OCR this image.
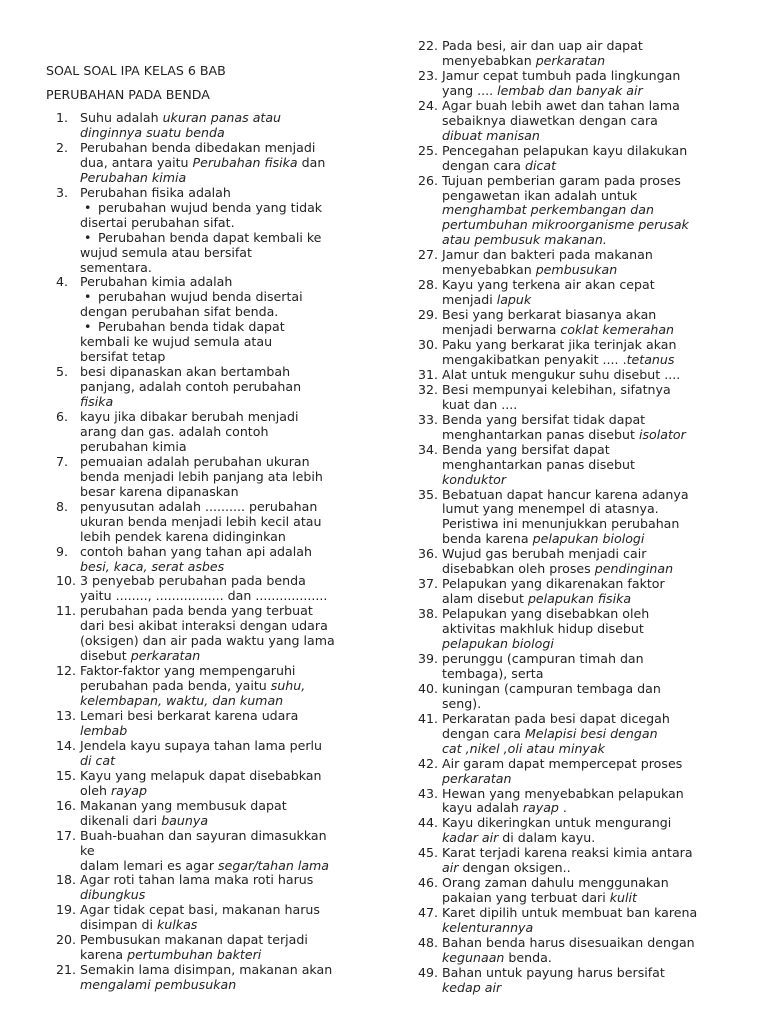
SOAL SOAL IPA KELAS 6 BAB
PERUBAHAN PADA BENDA
1. Suhu adalah ukuran panas atau
dinginnya suatu benda
2. Perubahan benda dibedakan menjadi
dua, antara yaitu Perubahan fisika dan
Perubahan kimia
3. Perubahan fisika adalah
• perubahan wujud benda yang tidak
disertai perubahan sifat.
• Perubahan benda dapat kembali ke
wujud semula atau bersifat
sementara.
4. Perubahan kimia adalah
• perubahan wujud benda disertai
dengan perubahan sifat benda.
• Perubahan benda tidak dapat
kembali ke wujud semula atau
bersifat tetap
5. besi dipanaskan akan bertambah
panjang, adalah contoh perubahan
fisika
6. kayu jika dibakar berubah menjadi
arang dan gas. adalah contoh
perubahan kimia
7. pemuaian adalah perubahan ukuran
benda menjadi lebih panjang ata lebih
besar karena dipanaskan
8. penyusutan adalah .......... perubahan
ukuran benda menjadi lebih kecil atau
lebih pendek karena didinginkan
9. contoh bahan yang tahan api adalah
besi, kaca, serat asbes
10. 3 penyebab perubahan pada benda
yaitu ........, ................. dan ..................
11. perubahan pada benda yang terbuat
dari besi akibat interaksi dengan udara
(oksigen) dan air pada waktu yang lama
disebut perkaratan
12. Faktor-faktor yang mempengaruhi
perubahan pada benda, yaitu suhu,
kelembapan, waktu, dan kuman
13. Lemari besi berkarat karena udara
lembab
14. Jendela kayu supaya tahan lama perlu
di cat
15. Kayu yang melapuk dapat disebabkan
oleh rayap
16. Makanan yang membusuk dapat
dikenali dari baunya
17. Buah-buahan dan sayuran dimasukkan
ke
dalam lemari es agar segar/tahan lama
18. Agar roti tahan lama maka roti harus
dibungkus
19. Agar tidak cepat basi, makanan harus
disimpan di kulkas
20. Pembusukan makanan dapat terjadi
karena pertumbuhan bakteri
21. Semakin lama disimpan, makanan akan
mengalami pembusukan
22. Pada besi, air dan uap air dapat
menyebabkan perkaratan
23. Jamur cepat tumbuh pada lingkungan
yang .... lembab dan banyak air
24. Agar buah lebih awet dan tahan lama
sebaiknya diawetkan dengan cara
dibuat manisan
25. Pencegahan pelapukan kayu dilakukan
dengan cara dicat
26. Tujuan pemberian garam pada proses
pengawetan ikan adalah untuk
menghambat perkembangan dan
pertumbuhan mikroorganisme perusak
atau pembusuk makanan.
27. Jamur dan bakteri pada makanan
menyebabkan pembusukan
28. Kayu yang terkena air akan cepat
menjadi lapuk
29. Besi yang berkarat biasanya akan
menjadi berwarna coklat kemerahan
30. Paku yang berkarat jika terinjak akan
mengakibatkan penyakit .... .tetanus
31. Alat untuk mengukur suhu disebut ....
32. Besi mempunyai kelebihan, sifatnya
kuat dan ....
33. Benda yang bersifat tidak dapat
menghantarkan panas disebut isolator
34. Benda yang bersifat dapat
menghantarkan panas disebut
konduktor
35. Bebatuan dapat hancur karena adanya
lumut yang menempel di atasnya.
Peristiwa ini menunjukkan perubahan
benda karena pelapukan biologi
36. Wujud gas berubah menjadi cair
disebabkan oleh proses pendinginan
37. Pelapukan yang dikarenakan faktor
alam disebut pelapukan fisika
38. Pelapukan yang disebabkan oleh
aktivitas makhluk hidup disebut
pelapukan biologi
39. perunggu (campuran timah dan
tembaga), serta
40. kuningan (campuran tembaga dan
seng).
41. Perkaratan pada besi dapat dicegah
dengan cara Melapisi besi dengan
cat ,nikel ,oli atau minyak
42. Air garam dapat mempercepat proses
perkaratan
43. Hewan yang menyebabkan pelapukan
kayu adalah rayap .
44. Kayu dikeringkan untuk mengurangi
kadar air di dalam kayu.
45. Karat terjadi karena reaksi kimia antara
air dengan oksigen..
46. Orang zaman dahulu menggunakan
pakaian yang terbuat dari kulit
47. Karet dipilih untuk membuat ban karena
kelenturannya
48. Bahan benda harus disesuaikan dengan
kegunaan benda.
49. Bahan untuk payung harus bersifat
kedap air
